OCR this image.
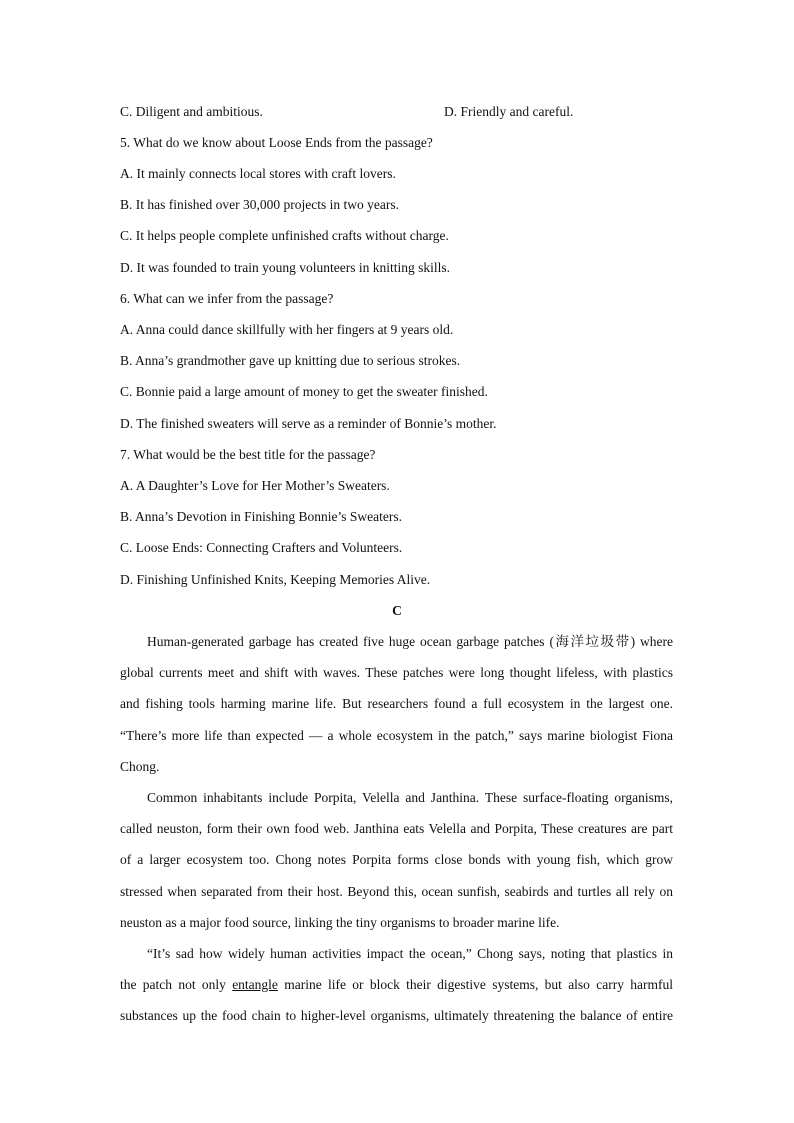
C. Diligent and ambitious.	D. Friendly and careful.
5. What do we know about Loose Ends from the passage?
A. It mainly connects local stores with craft lovers.
B. It has finished over 30,000 projects in two years.
C. It helps people complete unfinished crafts without charge.
D. It was founded to train young volunteers in knitting skills.
6. What can we infer from the passage?
A. Anna could dance skillfully with her fingers at 9 years old.
B. Anna’s grandmother gave up knitting due to serious strokes.
C. Bonnie paid a large amount of money to get the sweater finished.
D. The finished sweaters will serve as a reminder of Bonnie’s mother.
7. What would be the best title for the passage?
A. A Daughter’s Love for Her Mother’s Sweaters.
B. Anna’s Devotion in Finishing Bonnie’s Sweaters.
C. Loose Ends: Connecting Crafters and Volunteers.
D. Finishing Unfinished Knits, Keeping Memories Alive.
C
Human-generated garbage has created five huge ocean garbage patches (海洋垃圾带) where
global currents meet and shift with waves. These patches were long thought lifeless, with plastics
and fishing tools harming marine life. But researchers found a full ecosystem in the largest one.
“There’s more life than expected — a whole ecosystem in the patch,” says marine biologist Fiona
Chong.
Common inhabitants include Porpita, Velella and Janthina. These surface-floating organisms,
called neuston, form their own food web. Janthina eats Velella and Porpita, These creatures are part
of a larger ecosystem too. Chong notes Porpita forms close bonds with young fish, which grow
stressed when separated from their host. Beyond this, ocean sunfish, seabirds and turtles all rely on
neuston as a major food source, linking the tiny organisms to broader marine life.
“It’s sad how widely human activities impact the ocean,” Chong says, noting that plastics in
the patch not only entangle marine life or block their digestive systems, but also carry harmful
substances up the food chain to higher-level organisms, ultimately threatening the balance of entire
